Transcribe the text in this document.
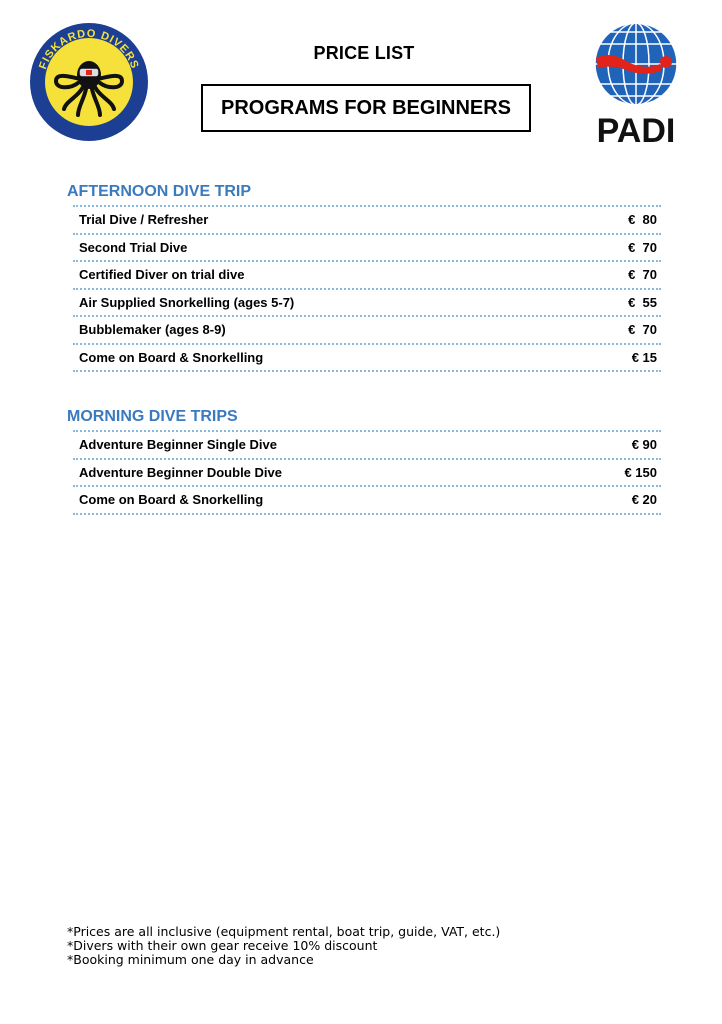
FISKARDO DIVERS
ECO · DIVE · RESORT
PADI
PRICE LIST
PROGRAMS FOR BEGINNERS
AFTERNOON DIVE TRIP
Trial Dive / Refresher	€  80
Second Trial Dive	€  70
Certified Diver on trial dive	€  70
Air Supplied Snorkelling (ages 5-7)	€  55
Bubblemaker (ages 8-9)	€  70
Come on Board & Snorkelling	€ 15
MORNING DIVE TRIPS
Adventure Beginner Single Dive	€ 90
Adventure Beginner Double Dive	€ 150
Come on Board & Snorkelling	€ 20
*Prices are all inclusive (equipment rental, boat trip, guide, VAT, etc.)
*Divers with their own gear receive 10% discount
*Booking minimum one day in advance
